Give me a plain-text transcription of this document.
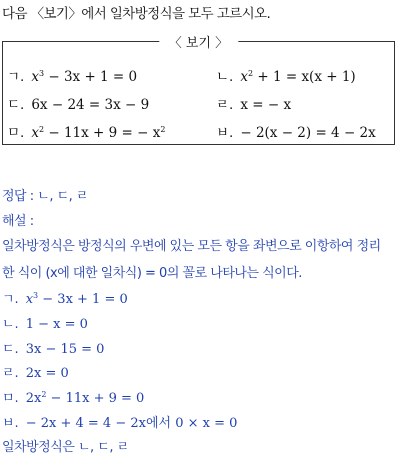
다음 〈보기〉에서 일차방정식을 모두 고르시오.
〈 보기 〉
ㄱ. $x^3 - 3x + 1 = 0$	ㄴ. $x^2 + 1 = x(x + 1)$
ㄷ. 6x − 24 = 3x − 9	ㄹ. x = − x
ㅁ. $x^2 - 11x + 9$ = − $x^2$	ㅂ. − 2(x − 2) = 4 − 2x
정답 : ㄴ, ㄷ, ㄹ
해설 :
일차방정식은 방정식의 우변에 있는 모든 항을 좌변으로 이항하여 정리
한 식이 (x에 대한 일차식) = 0의 꼴로 나타나는 식이다.
ㄱ. $x^3 - 3x + 1 = 0$
ㄴ. 1 − x = 0
ㄷ. 3x − 15 = 0
ㄹ. 2x = 0
ㅁ. $2x^2 - 11x + 9 = 0$
ㅂ. − 2x + 4 = 4 − 2x에서 0 × x = 0
일차방정식은 ㄴ, ㄷ, ㄹ
